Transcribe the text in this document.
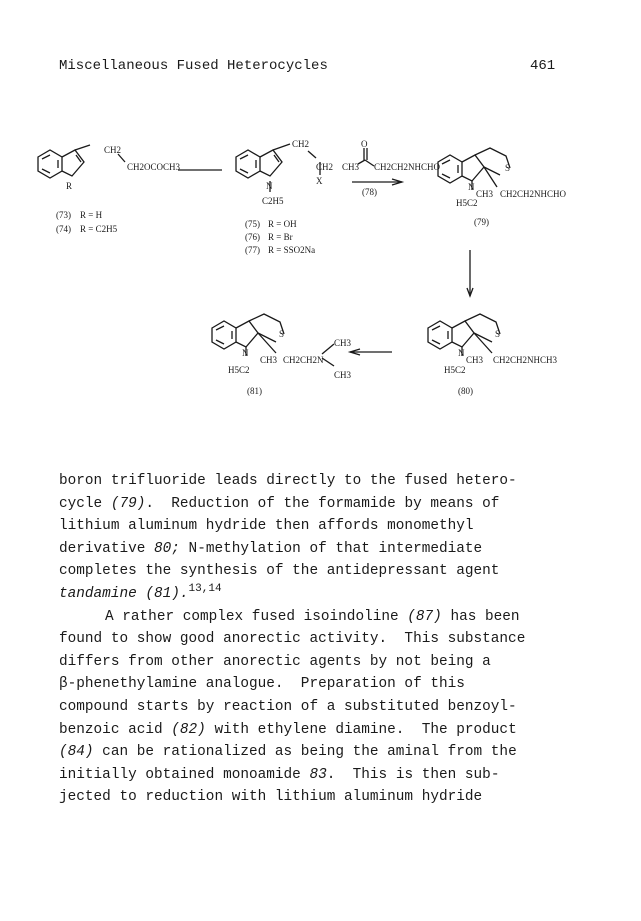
Miscellaneous Fused Heterocycles	461
CH2
CH2OCOCH3
R
(73) R = H
(74) R = C2H5
CH2
CH2
X
N
C2H5
(75) R = OH
(76) R = Br
(77) R = SSO2Na
O
CH3 CH2CH2NHCHO
(78)	N
S
CH3 CH2CH2NHCHO
H5C2
(79)
N
S
CH3 CH2CH2NHCH3
H5C2
(80)
N
S
CH3 CH2CH2N
CH3
CH3
H5C2
(81)
boron trifluoride leads directly to the fused hetero-
cycle (79).  Reduction of the formamide by means of
lithium aluminum hydride then affords monomethyl
derivative 80; N-methylation of that intermediate
completes the synthesis of the antidepressant agent
tandamine (81).$^{13,14}$
A rather complex fused isoindoline (87) has been
found to show good anorectic activity.  This substance
differs from other anorectic agents by not being a
β-phenethylamine analogue.  Preparation of this
compound starts by reaction of a substituted benzoyl-
benzoic acid (82) with ethylene diamine.  The product
(84) can be rationalized as being the aminal from the
initially obtained monoamide 83.  This is then sub-
jected to reduction with lithium aluminum hydride
